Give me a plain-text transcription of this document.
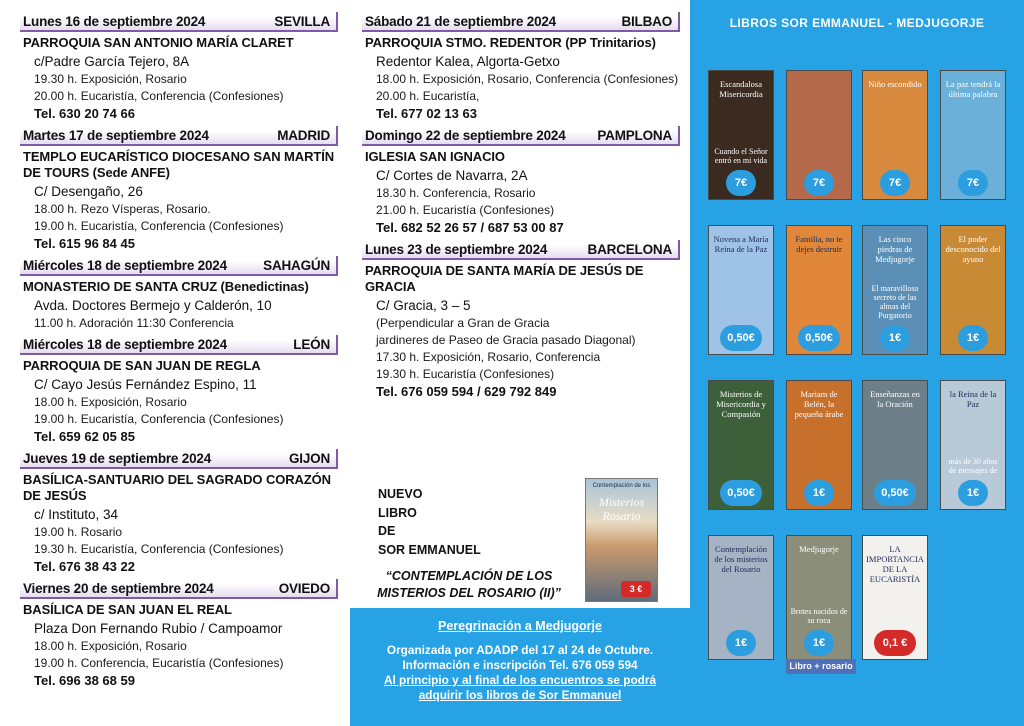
Lunes 16 de septiembre 2024	SEVILLA
PARROQUIA SAN ANTONIO MARÍA CLARET
c/Padre García Tejero, 8A
19.30 h. Exposición, Rosario
20.00 h. Eucaristía, Conferencia (Confesiones)
Tel. 630 20 74 66
Martes 17 de septiembre 2024	MADRID
TEMPLO EUCARÍSTICO DIOCESANO SAN MARTÍN DE TOURS (Sede ANFE)
C/ Desengaño, 26
18.00 h. Rezo Vísperas, Rosario.
19.00 h. Eucaristía, Conferencia (Confesiones)
Tel. 615 96 84 45
Miércoles 18 de septiembre 2024	SAHAGÚN
MONASTERIO DE SANTA CRUZ (Benedictinas)
Avda. Doctores Bermejo y Calderón, 10
11.00 h. Adoración 11:30 Conferencia
Miércoles 18 de septiembre 2024	LEÓN
PARROQUIA DE SAN JUAN DE REGLA
C/ Cayo Jesús Fernández Espino, 11
18.00 h. Exposición, Rosario
19.00 h. Eucaristía, Conferencia (Confesiones)
Tel. 659 62 05 85
Jueves 19 de septiembre 2024	GIJON
BASÍLICA-SANTUARIO DEL SAGRADO CORAZÓN DE JESÚS
c/ Instituto, 34
19.00 h. Rosario
19.30 h. Eucaristía, Conferencia (Confesiones)
Tel. 676 38 43 22
Viernes 20 de septiembre 2024	OVIEDO
BASÍLICA DE SAN JUAN EL REAL
Plaza Don Fernando Rubio / Campoamor
18.00 h. Exposición, Rosario
19.00 h. Conferencia, Eucaristía (Confesiones)
Tel. 696 38 68 59
Sábado 21 de septiembre 2024	BILBAO
PARROQUIA STMO. REDENTOR (PP Trinitarios)
Redentor Kalea, Algorta-Getxo
18.00 h. Exposición, Rosario, Conferencia (Confesiones)
20.00 h. Eucaristía,
Tel. 677 02 13 63
Domingo 22 de septiembre 2024 PAMPLONA
IGLESIA SAN IGNACIO
C/ Cortes de Navarra, 2A
18.30 h. Conferencia, Rosario
21.00 h. Eucaristía (Confesiones)
Tel. 682 52 26 57 / 687 53 00 87
Lunes 23 de septiembre 2024	BARCELONA
PARROQUIA DE SANTA MARÍA DE JESÚS DE GRACIA
C/ Gracia, 3 – 5
(Perpendicular a Gran de Gracia
jardineres de Paseo de Gracia pasado Diagonal)
17.30 h. Exposición, Rosario, Conferencia
19.30 h. Eucaristía (Confesiones)
Tel. 676 059 594 / 629 792 849
NUEVO
LIBRO
DE
SOR EMMANUEL
Contemplación de los
Misterios Rosario
3 €
“CONTEMPLACIÓN DE LOS MISTERIOS DEL ROSARIO (II)”
Peregrinación a Medjugorje
Organizada por ADADP del 17 al 24 de Octubre.
Información e inscripción Tel. 676 059 594
Al principio y al final de los encuentros se podrá
adquirir los libros de Sor Emmanuel
LIBROS SOR EMMANUEL - MEDJUGORJE
Escandalosa Misericordia
Cuando el Señor entró en mi vida
7€	7€
Niño escondido
7€
La paz tendrá la última palabra
7€
Novena a María Reina de la Paz
0,50€
Familia, no te dejes destruir
0,50€
Las cinco piedras de Medjugorje
El maravilloso secreto de las almas del Purgatorio
1€
El poder desconocido del ayuno
1€
Misterios de Misericordia y Compasión
0,50€
Mariam de Belén, la pequeña árabe
1€
Enseñanzas en la Oración
0,50€
la Reina de la Paz
más de 30 años de mensajes de
1€
Contemplación de los misterios del Rosario
1€
Medjugorje
Brotes nacidos de su roca
1€
LA IMPORTANCIA DE LA EUCARISTÍA
0,1 €
Libro + rosario
